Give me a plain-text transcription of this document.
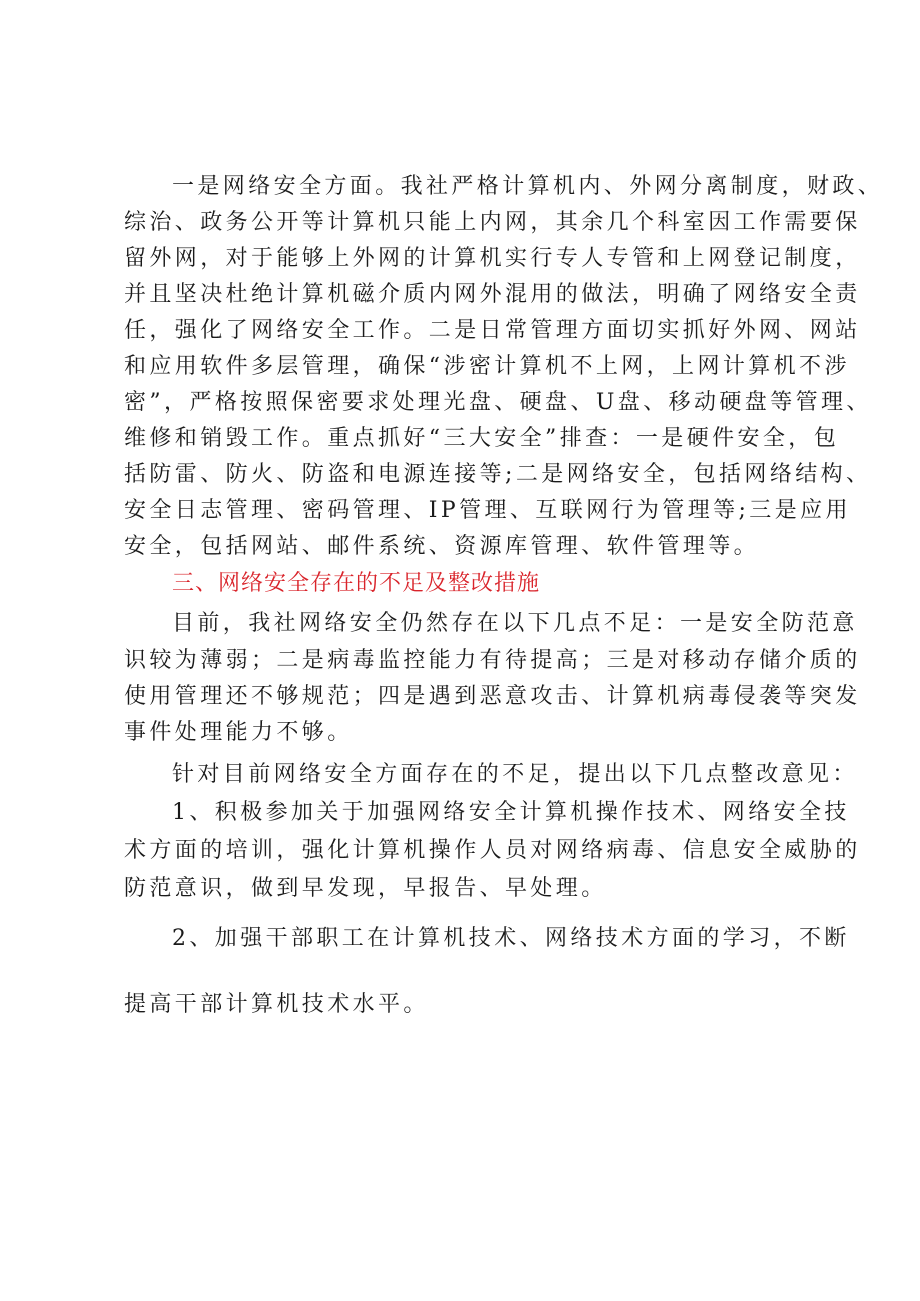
一是网络安全方面。我社严格计算机内、外网分离制度，财政、

综治、政务公开等计算机只能上内网，其余几个科室因工作需要保

留外网，对于能够上外网的计算机实行专人专管和上网登记制度，

并且坚决杜绝计算机磁介质内网外混用的做法，明确了网络安全责

任，强化了网络安全工作。二是日常管理方面切实抓好外网、网站

和应用软件多层管理，确保“涉密计算机不上网，上网计算机不涉

密”，严格按照保密要求处理光盘、硬盘、U盘、移动硬盘等管理、

维修和销毁工作。重点抓好“三大安全”排查：一是硬件安全，包

括防雷、防火、防盗和电源连接等;二是网络安全，包括网络结构、

安全日志管理、密码管理、IP管理、互联网行为管理等;三是应用

安全，包括网站、邮件系统、资源库管理、软件管理等。

三、网络安全存在的不足及整改措施

目前，我社网络安全仍然存在以下几点不足：一是安全防范意

识较为薄弱；二是病毒监控能力有待提高；三是对移动存储介质的

使用管理还不够规范；四是遇到恶意攻击、计算机病毒侵袭等突发

事件处理能力不够。

针对目前网络安全方面存在的不足，提出以下几点整改意见：

1、积极参加关于加强网络安全计算机操作技术、网络安全技

术方面的培训，强化计算机操作人员对网络病毒、信息安全威胁的

防范意识，做到早发现，早报告、早处理。

2、加强干部职工在计算机技术、网络技术方面的学习，不断

提高干部计算机技术水平。
